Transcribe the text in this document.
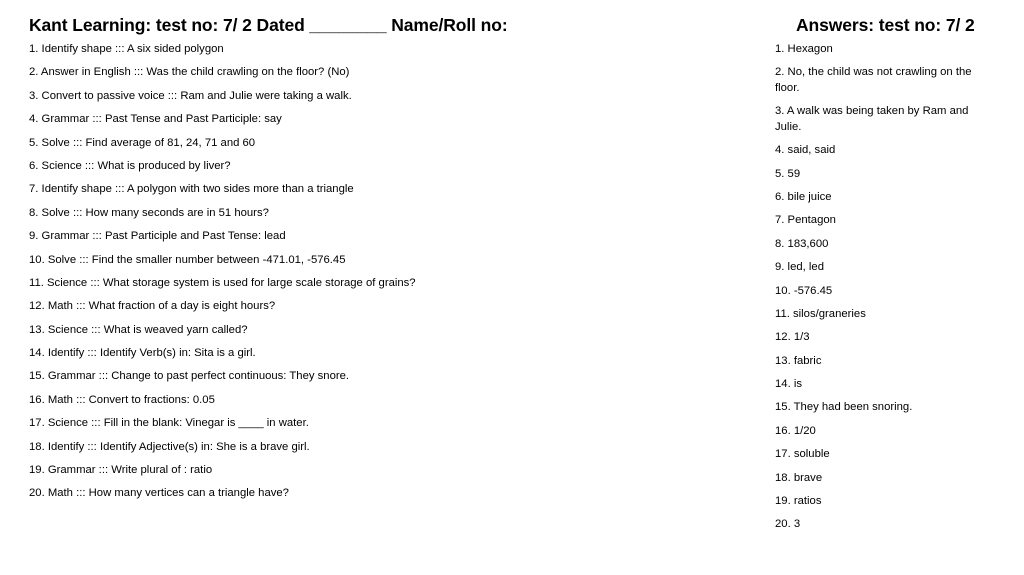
Kant Learning: test no: 7/ 2 Dated ________ Name/Roll no:	Answers: test no: 7/ 2
1. Identify shape ::: A six sided polygon
2. Answer in English ::: Was the child crawling on the floor? (No)
3. Convert to passive voice ::: Ram and Julie were taking a walk.
4. Grammar ::: Past Tense and Past Participle: say
5. Solve ::: Find average of 81, 24, 71 and 60
6. Science ::: What is produced by liver?
7. Identify shape ::: A polygon with two sides more than a triangle
8. Solve ::: How many seconds are in 51 hours?
9. Grammar ::: Past Participle and Past Tense: lead
10. Solve ::: Find the smaller number between -471.01, -576.45
11. Science ::: What storage system is used for large scale storage of grains?
12. Math ::: What fraction of a day is eight hours?
13. Science ::: What is weaved yarn called?
14. Identify ::: Identify Verb(s) in: Sita is a girl.
15. Grammar ::: Change to past perfect continuous: They snore.
16. Math ::: Convert to fractions: 0.05
17. Science ::: Fill in the blank: Vinegar is ____ in water.
18. Identify ::: Identify Adjective(s) in: She is a brave girl.
19. Grammar ::: Write plural of : ratio
20. Math ::: How many vertices can a triangle have?
1. Hexagon
2. No, the child was not crawling on the floor.
3. A walk was being taken by Ram and Julie.
4. said, said
5. 59
6. bile juice
7. Pentagon
8. 183,600
9. led, led
10. -576.45
11. silos/graneries
12. 1/3
13. fabric
14. is
15. They had been snoring.
16. 1/20
17. soluble
18. brave
19. ratios
20. 3
